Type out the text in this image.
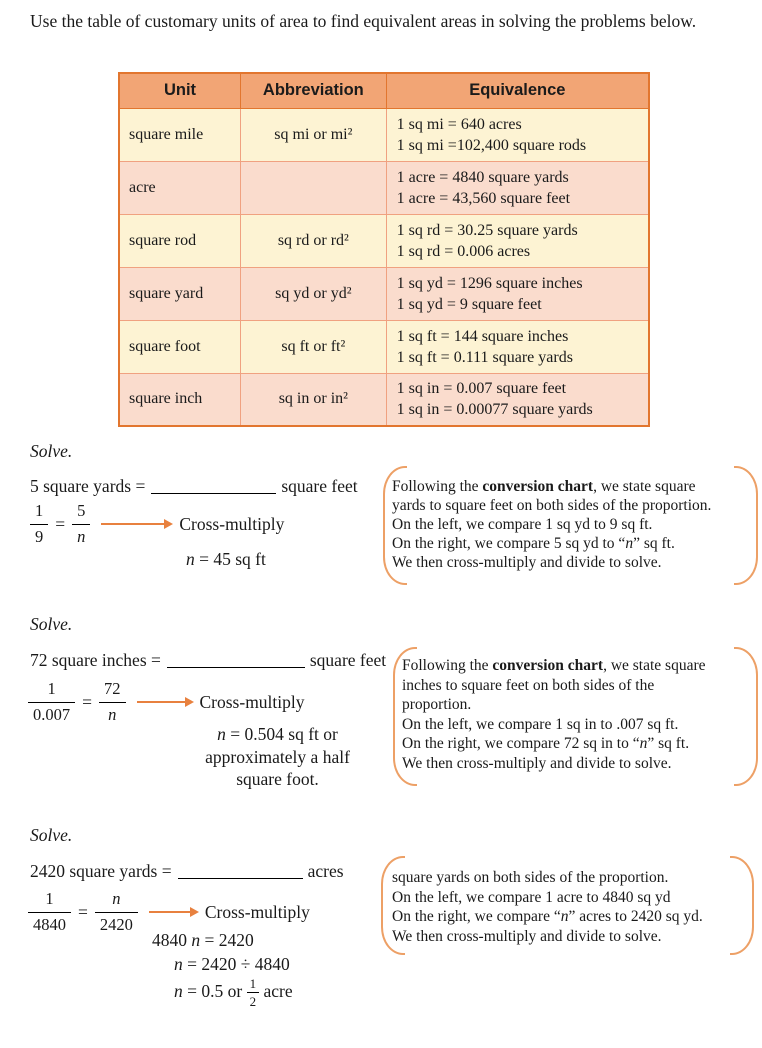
Use the table of customary units of area to find equivalent areas in solving the problems below.

Unit	Abbreviation	Equivalence
square mile	sq mi or mi²	1 sq mi = 640 acres
1 sq mi =102,400 square rods

acre		1 acre = 4840 square yards
1 acre = 43,560 square feet

square rod	sq rd or rd²	1 sq rd = 30.25 square yards
1 sq rd = 0.006 acres

square yard	sq yd or yd²	1 sq yd = 1296 square inches
1 sq yd = 9 square feet

square foot	sq ft or ft²	1 sq ft = 144 square inches
1 sq ft = 0.111 square yards

square inch	sq in or in²	1 sq in = 0.007 square feet
1 sq in = 0.00077 square yards
Solve.
5 square yards =	square feet
$\frac{1}{9} = \frac{5}{n}$	Cross-multiply
n = 45 sq ft
Following the conversion chart, we state square
yards to square feet on both sides of the proportion.
On the left, we compare 1 sq yd to 9 sq ft.
On the right, we compare 5 sq yd to “n” sq ft.
We then cross-multiply and divide to solve.
Solve.
72 square inches =	square feet
$\frac{1}{0.007} = \frac{72}{n}$	Cross-multiply
n = 0.504 sq ft or
approximately a half
square foot.
Following the conversion chart, we state square
inches to square feet on both sides of the
proportion.
On the left, we compare 1 sq in to .007 sq ft.
On the right, we compare 72 sq in to “n” sq ft.
We then cross-multiply and divide to solve.
Solve.
2420 square yards =	acres
$\frac{1}{4840} = \frac{n}{2420}$	Cross-multiply
4840 n = 2420
n = 2420 ÷ 4840
n = 0.5 or $\frac{1}{2}$ acre
square yards on both sides of the proportion.
On the left, we compare 1 acre to 4840 sq yd
On the right, we compare “n” acres to 2420 sq yd.
We then cross-multiply and divide to solve.
